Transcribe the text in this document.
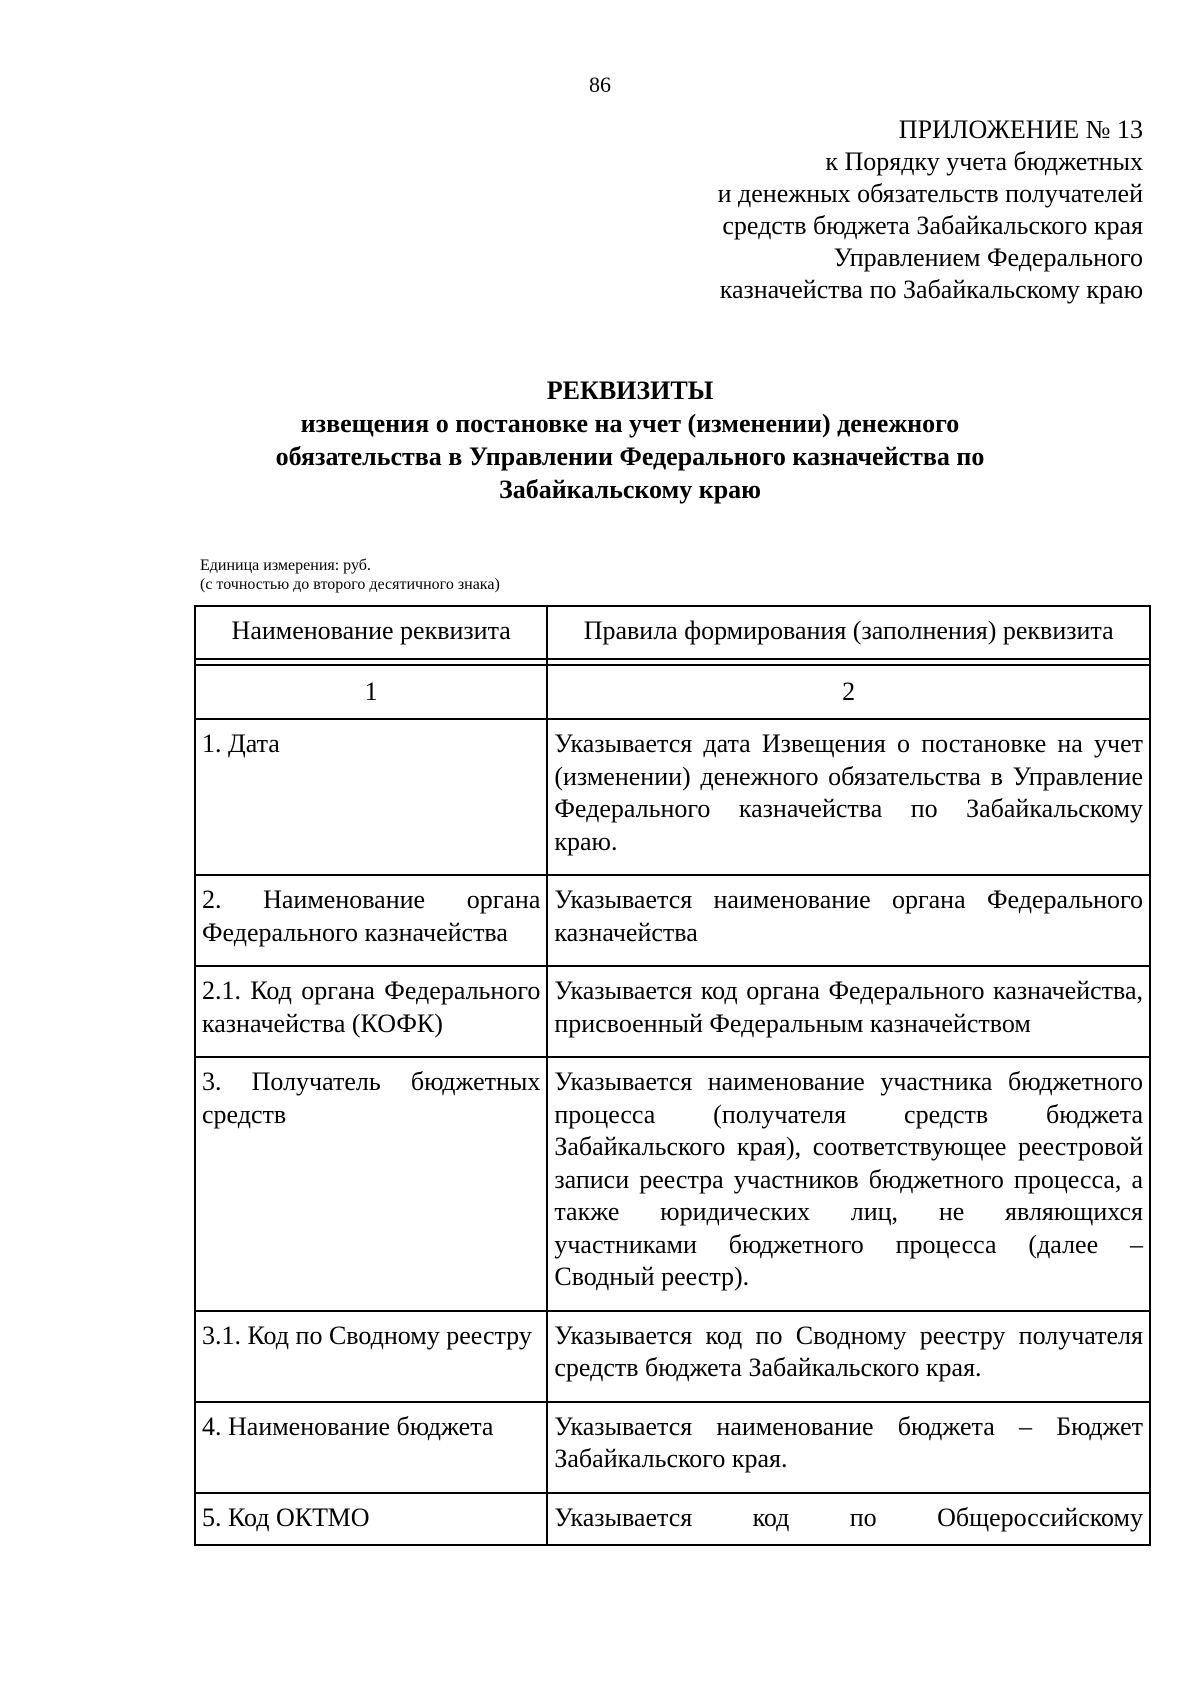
86
ПРИЛОЖЕНИЕ № 13
к Порядку учета бюджетных
и денежных обязательств получателей
средств бюджета Забайкальского края
Управлением Федерального
казначейства по Забайкальскому краю
РЕКВИЗИТЫ
извещения о постановке на учет (изменении) денежного
обязательства в Управлении Федерального казначейства по
Забайкальскому краю
Единица измерения: руб.
(с точностью до второго десятичного знака)
Наименование реквизита	Правила формирования (заполнения) реквизита

1	2
1. Дата	Указывается дата Извещения о постановке на учет (изменении) денежного обязательства в Управление Федерального казначейства по Забайкальскому краю.
2. Наименование органа Федерального казначейства	Указывается наименование органа Федерального казначейства
2.1. Код органа Федерального казначейства (КОФК)	Указывается код органа Федерального казначейства, присвоенный Федеральным казначейством
3. Получатель бюджетных средств	Указывается наименование участника бюджетного процесса (получателя средств бюджета Забайкальского края), соответствующее реестровой записи реестра участников бюджетного процесса, а также юридических лиц, не являющихся участниками бюджетного процесса (далее – Сводный реестр).
3.1. Код по Сводному реестру	Указывается код по Сводному реестру получателя средств бюджета Забайкальского края.
4. Наименование бюджета	Указывается наименование бюджета – Бюджет Забайкальского края.
5. Код ОКТМО	Указывается код по Общероссийскому
